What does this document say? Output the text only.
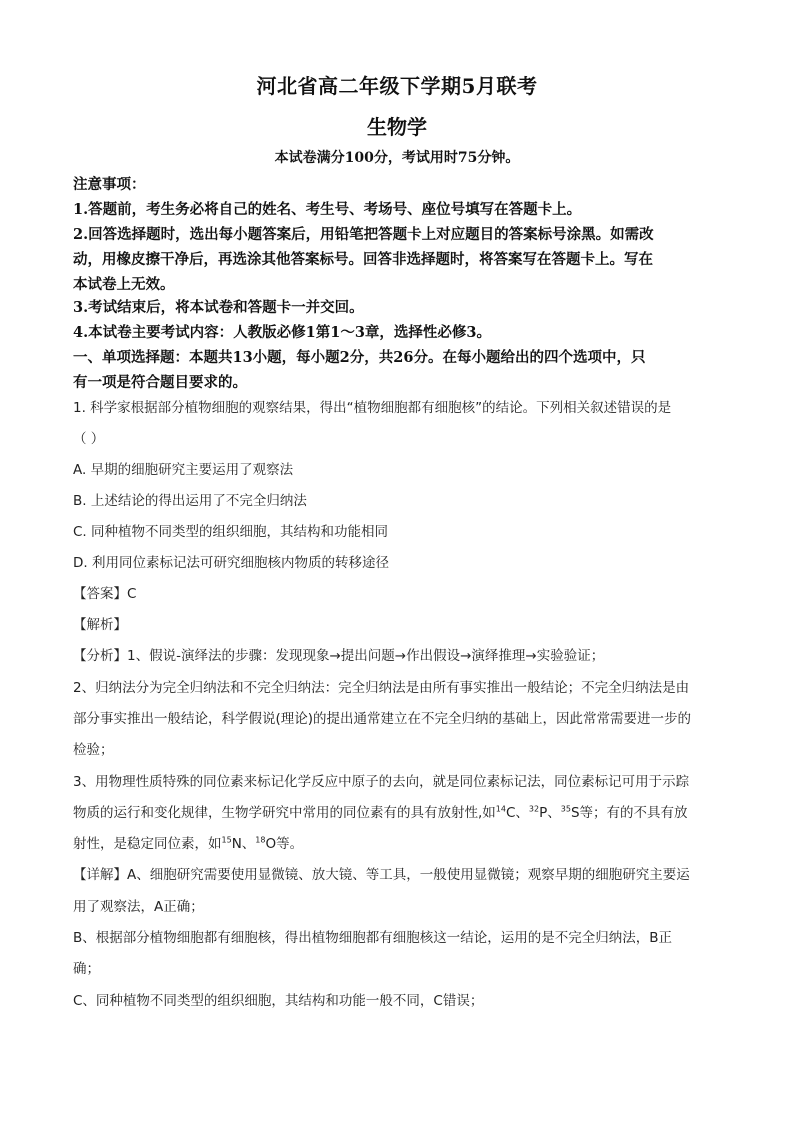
河北省高二年级下学期5月联考
生物学
本试卷满分100分，考试用时75分钟。
注意事项：
1.答题前，考生务必将自己的姓名、考生号、考场号、座位号填写在答题卡上。
2.回答选择题时，选出每小题答案后，用铅笔把答题卡上对应题目的答案标号涂黑。如需改
动，用橡皮擦干净后，再选涂其他答案标号。回答非选择题时，将答案写在答题卡上。写在
本试卷上无效。
3.考试结束后，将本试卷和答题卡一并交回。
4.本试卷主要考试内容：人教版必修1第1～3章，选择性必修3。
一、单项选择题：本题共13小题，每小题2分，共26分。在每小题给出的四个选项中，只
有一项是符合题目要求的。
1. 科学家根据部分植物细胞的观察结果，得出“植物细胞都有细胞核”的结论。下列相关叙述错误的是
（ ）
A. 早期的细胞研究主要运用了观察法
B. 上述结论的得出运用了不完全归纳法
C. 同种植物不同类型的组织细胞，其结构和功能相同
D. 利用同位素标记法可研究细胞核内物质的转移途径
【答案】C
【解析】
【分析】1、假说-演绎法的步骤：发现现象→提出问题→作出假设→演绎推理→实验验证；
2、归纳法分为完全归纳法和不完全归纳法：完全归纳法是由所有事实推出一般结论；不完全归纳法是由
部分事实推出一般结论，科学假说(理论)的提出通常建立在不完全归纳的基础上，因此常常需要进一步的
检验；
3、用物理性质特殊的同位素来标记化学反应中原子的去向，就是同位素标记法，同位素标记可用于示踪
物质的运行和变化规律，生物学研究中常用的同位素有的具有放射性,如$^{14}$C、$^{32}$P、$^{35}$S等；有的不具有放
射性，是稳定同位素，如$^{15}$N、$^{18}$O等。
【详解】A、细胞研究需要使用显微镜、放大镜、等工具，一般使用显微镜；观察早期的细胞研究主要运
用了观察法，A正确；
B、根据部分植物细胞都有细胞核，得出植物细胞都有细胞核这一结论，运用的是不完全归纳法，B正
确；
C、同种植物不同类型的组织细胞，其结构和功能一般不同，C错误；
